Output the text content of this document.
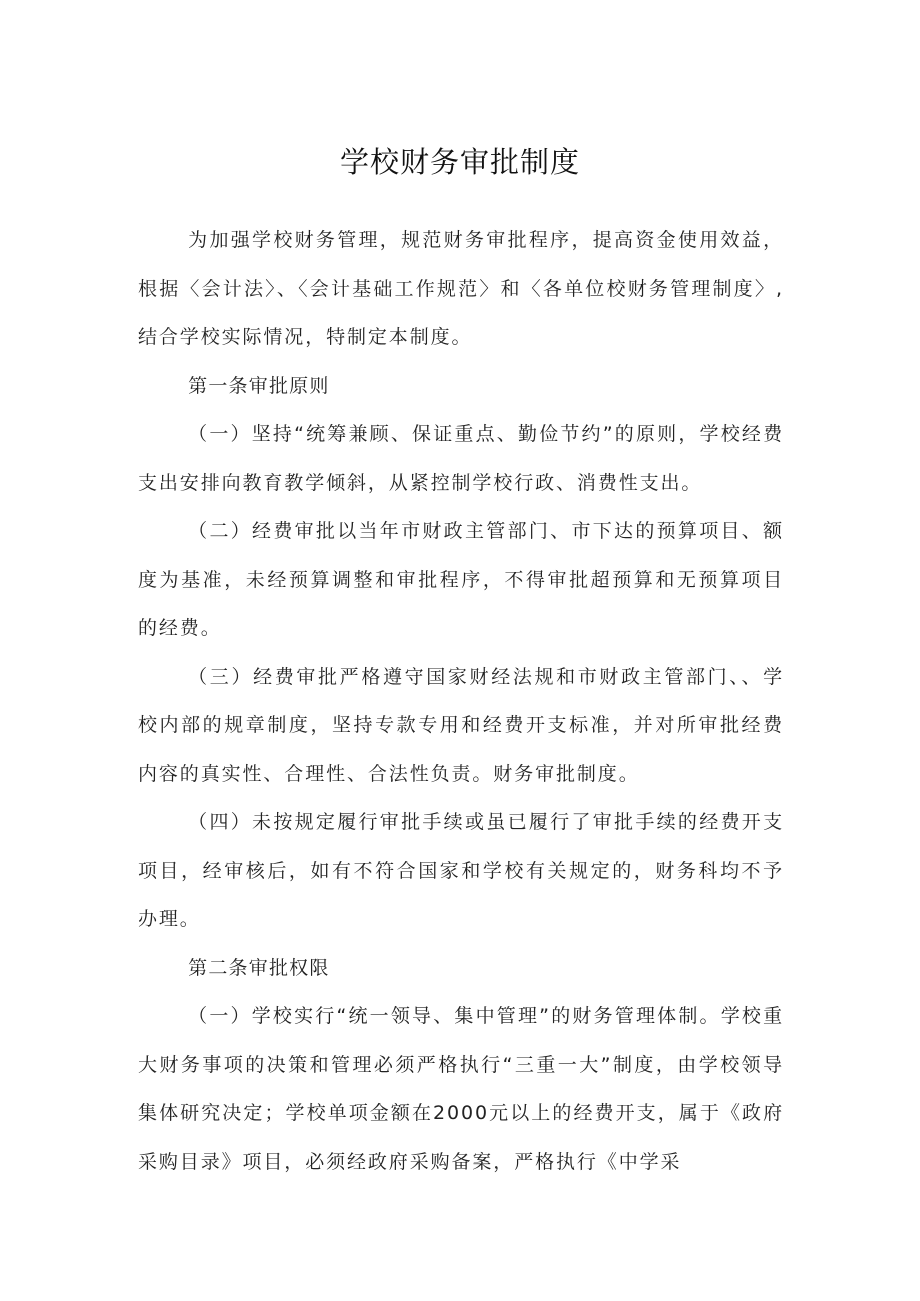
学校财务审批制度

为加强学校财务管理，规范财务审批程序，提高资金使用效益，根据〈会计法〉、〈会计基础工作规范〉和〈各单位校财务管理制度〉,结合学校实际情况，特制定本制度。

第一条审批原则

（一）坚持“统筹兼顾、保证重点、勤俭节约”的原则，学校经费支出安排向教育教学倾斜，从紧控制学校行政、消费性支出。

（二）经费审批以当年市财政主管部门、市下达的预算项目、额度为基准，未经预算调整和审批程序，不得审批超预算和无预算项目的经费。

（三）经费审批严格遵守国家财经法规和市财政主管部门、、学校内部的规章制度，坚持专款专用和经费开支标准，并对所审批经费内容的真实性、合理性、合法性负责。财务审批制度。

（四）未按规定履行审批手续或虽已履行了审批手续的经费开支项目，经审核后，如有不符合国家和学校有关规定的，财务科均不予办理。

第二条审批权限

（一）学校实行“统一领导、集中管理”的财务管理体制。学校重大财务事项的决策和管理必须严格执行“三重一大”制度，由学校领导集体研究决定；学校单项金额在2000元以上的经费开支，属于《政府采购目录》项目，必须经政府采购备案，严格执行《中学采
